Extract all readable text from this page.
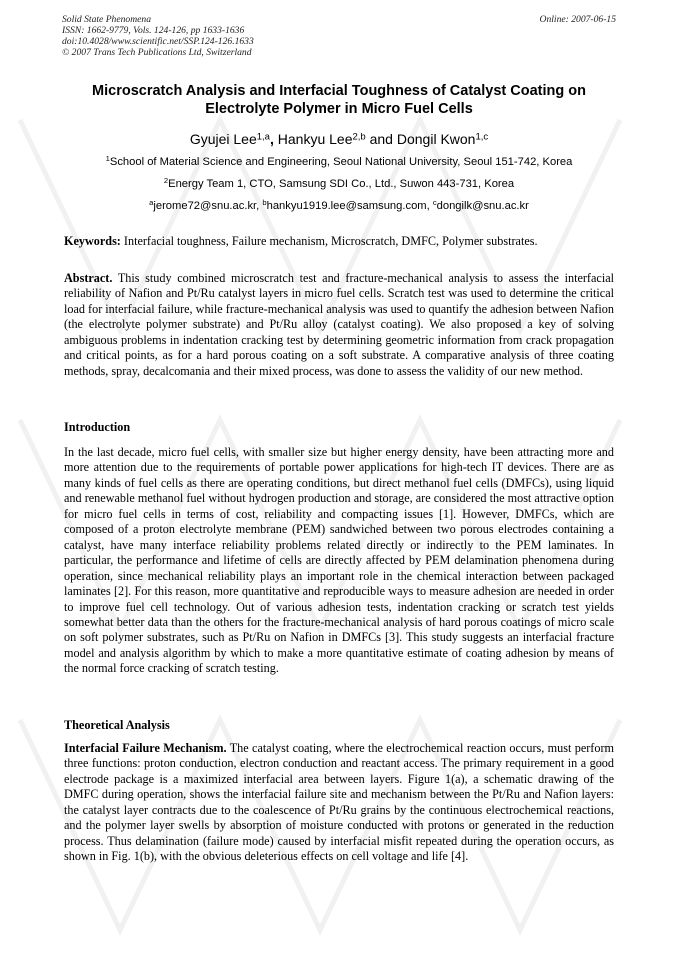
Solid State Phenomena
ISSN: 1662-9779, Vols. 124-126, pp 1633-1636
doi:10.4028/www.scientific.net/SSP.124-126.1633
© 2007 Trans Tech Publications Ltd, Switzerland
Online: 2007-06-15
Microscratch Analysis and Interfacial Toughness of Catalyst Coating on
Electrolyte Polymer in Micro Fuel Cells
Gyujei Lee$^{1,a}$, Hankyu Lee$^{2,b}$ and Dongil Kwon$^{1,c}$
$^1$School of Material Science and Engineering, Seoul National University, Seoul 151-742, Korea
$^2$Energy Team 1, CTO, Samsung SDI Co., Ltd., Suwon 443-731, Korea
$^a$jerome72@snu.ac.kr, $^b$hankyu1919.lee@samsung.com, $^c$dongilk@snu.ac.kr
Keywords: Interfacial toughness, Failure mechanism, Microscratch, DMFC, Polymer substrates.
Abstract. This study combined microscratch test and fracture-mechanical analysis to assess the interfacial reliability of Nafion and Pt/Ru catalyst layers in micro fuel cells. Scratch test was used to determine the critical load for interfacial failure, while fracture-mechanical analysis was used to quantify the adhesion between Nafion (the electrolyte polymer substrate) and Pt/Ru alloy (catalyst coating). We also proposed a key of solving ambiguous problems in indentation cracking test by determining geometric information from crack propagation and critical points, as for a hard porous coating on a soft substrate. A comparative analysis of three coating methods, spray, decalcomania and their mixed process, was done to assess the validity of our new method.
Introduction
In the last decade, micro fuel cells, with smaller size but higher energy density, have been attracting more and more attention due to the requirements of portable power applications for high-tech IT devices. There are as many kinds of fuel cells as there are operating conditions, but direct methanol fuel cells (DMFCs), using liquid and renewable methanol fuel without hydrogen production and storage, are considered the most attractive option for micro fuel cells in terms of cost, reliability and compacting issues [1]. However, DMFCs, which are composed of a proton electrolyte membrane (PEM) sandwiched between two porous electrodes containing a catalyst, have many interface reliability problems related directly or indirectly to the PEM laminates. In particular, the performance and lifetime of cells are directly affected by PEM delamination phenomena during operation, since mechanical reliability plays an important role in the chemical interaction between packaged laminates [2]. For this reason, more quantitative and reproducible ways to measure adhesion are needed in order to improve fuel cell technology. Out of various adhesion tests, indentation cracking or scratch test yields somewhat better data than the others for the fracture-mechanical analysis of hard porous coatings of micro scale on soft polymer substrates, such as Pt/Ru on Nafion in DMFCs [3]. This study suggests an interfacial fracture model and analysis algorithm by which to make a more quantitative estimate of coating adhesion by means of the normal force cracking of scratch testing.
Theoretical Analysis
Interfacial Failure Mechanism. The catalyst coating, where the electrochemical reaction occurs, must perform three functions: proton conduction, electron conduction and reactant access. The primary requirement in a good electrode package is a maximized interfacial area between layers. Figure 1(a), a schematic drawing of the DMFC during operation, shows the interfacial failure site and mechanism between the Pt/Ru and Nafion layers: the catalyst layer contracts due to the coalescence of Pt/Ru grains by the continuous electrochemical reactions, and the polymer layer swells by absorption of moisture conducted with protons or generated in the reduction process. Thus delamination (failure mode) caused by interfacial misfit repeated during the operation occurs, as shown in Fig. 1(b), with the obvious deleterious effects on cell voltage and life [4].
